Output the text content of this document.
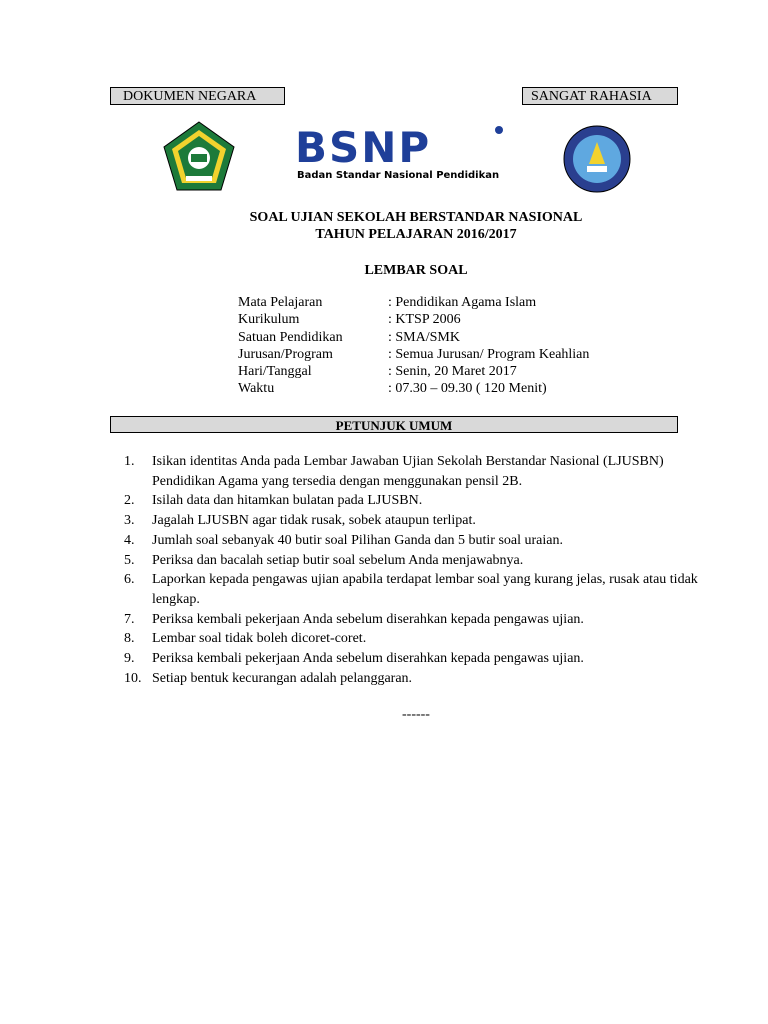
DOKUMEN NEGARA	SANGAT RAHASIA
BSNP
Badan Standar Nasional Pendidikan
SOAL UJIAN SEKOLAH BERSTANDAR NASIONAL
TAHUN PELAJARAN 2016/2017
LEMBAR SOAL
Mata Pelajaran	: Pendidikan Agama Islam
Kurikulum	: KTSP 2006
Satuan Pendidikan	: SMA/SMK
Jurusan/Program	: Semua Jurusan/ Program Keahlian
Hari/Tanggal	: Senin, 20 Maret 2017
Waktu	: 07.30 – 09.30 ( 120 Menit)
PETUNJUK UMUM
1.	Isikan identitas Anda pada Lembar Jawaban Ujian Sekolah Berstandar Nasional (LJUSBN) Pendidikan Agama yang tersedia dengan menggunakan pensil 2B.
2.	Isilah data dan hitamkan bulatan pada LJUSBN.
3.	Jagalah LJUSBN agar tidak rusak, sobek ataupun terlipat.
4.	Jumlah soal sebanyak 40 butir soal Pilihan Ganda dan 5 butir soal uraian.
5.	Periksa dan bacalah setiap butir soal sebelum Anda menjawabnya.
6.	Laporkan kepada pengawas ujian apabila terdapat lembar soal yang kurang jelas, rusak atau tidak lengkap.
7.	Periksa kembali pekerjaan Anda sebelum diserahkan kepada pengawas ujian.
8.	Lembar soal tidak boleh dicoret-coret.
9.	Periksa kembali pekerjaan Anda sebelum diserahkan kepada pengawas ujian.
10. Setiap bentuk kecurangan adalah pelanggaran.
------
